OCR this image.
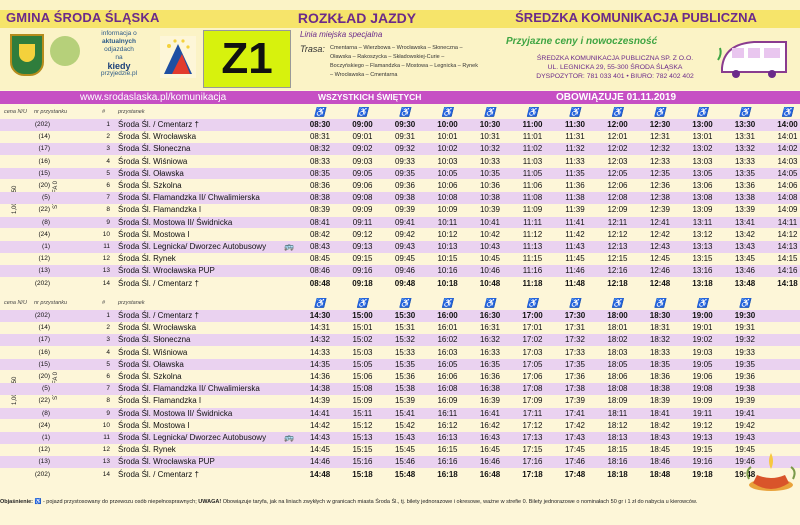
GMINA ŚRODA ŚLĄSKA	ROZKŁAD JAZDY	ŚREDZKA KOMUNIKACJA PUBLICZNA
informacja o
aktualnych
odjazdach
na
kiedy
przyjedzie.pl	Z1	Linia miejska specjalna
Trasa: Cmentarna – Wierzbowa – Wrocławska – Słoneczna – Oławska – Rakoszycka – Składowskiej-Curie – Boczyńskiego – Flamandzka – Mostowa – Legnicka – Rynek – Wrocławska – Cmentarna
Przyjazne ceny i nowoczesność
ŚREDZKA KOMUNIKACJA PUBLICZNA SP. Z O.O.
UL. LEGNICKA 29, 55-300 ŚRODA ŚLĄSKA
DYSPOZYTOR: 781 033 401 • BIURO: 782 402 402
www.srodaslaska.pl/komunikacja	WSZYSTKICH ŚWIĘTYCH	OBOWIĄZUJE 01.11.2019
cena N/U nr przystanku	# przystanek	♿	♿	♿	♿	♿	♿	♿	♿	♿	♿	♿	♿
(202)	1 Środa Śl. / Cmentarz †	08:30	09:00	09:30	10:00	10:30	11:00	11:30	12:00	12:30	13:00	13:30	14:00
(14)	2 Środa Śl. Wrocławska	08:31	09:01	09:31	10:01	10:31	11:01	11:31	12:01	12:31	13:01	13:31	14:01
(17)	3 Środa Śl. Słoneczna	08:32	09:02	09:32	10:02	10:32	11:02	11:32	12:02	12:32	13:02	13:32	14:02
(16)	4 Środa Śl. Wiśniowa	08:33	09:03	09:33	10:03	10:33	11:03	11:33	12:03	12:33	13:03	13:33	14:03
(15)	5 Środa Śl. Oławska	08:35	09:05	09:35	10:05	10:35	11:05	11:35	12:05	12:35	13:05	13:35	14:05
(20)	6 Środa Śl. Szkolna	08:36	09:06	09:36	10:06	10:36	11:06	11:36	12:06	12:36	13:06	13:36	14:06
(5)	7 Środa Śl. Flamandzka II/ Chwalimierska	08:38	09:08	09:38	10:08	10:38	11:08	11:38	12:08	12:38	13:08	13:38	14:08
(22)	8 Środa Śl. Flamandzka I	08:39	09:09	09:39	10:09	10:39	11:09	11:39	12:09	12:39	13:09	13:39	14:09
(8)	9 Środa Śl. Mostowa II/ Świdnicka	08:41	09:11	09:41	10:11	10:41	11:11	11:41	12:11	12:41	13:11	13:41	14:11
(24)	10 Środa Śl. Mostowa I	08:42	09:12	09:42	10:12	10:42	11:12	11:42	12:12	12:42	13:12	13:42	14:12
(1)	11 Środa Śl. Legnicka/ Dworzec Autobusowy	🚌	08:43	09:13	09:43	10:13	10:43	11:13	11:43	12:13	12:43	13:13	13:43	14:13
(12)	12 Środa Śl. Rynek	08:45	09:15	09:45	10:15	10:45	11:15	11:45	12:15	12:45	13:15	13:45	14:15
(13)	13 Środa Śl. Wrocławska PUP	08:46	09:16	09:46	10:16	10:46	11:16	11:46	12:16	12:46	13:16	13:46	14:16
(202)	14 Środa Śl. / Cmentarz †	08:48	09:18	09:48	10:18	10:48	11:18	11:48	12:18	12:48	13:18	13:48	14:18
cena N/U nr przystanku	# przystanek	♿	♿	♿	♿	♿	♿	♿	♿	♿	♿	♿
(202)	1 Środa Śl. / Cmentarz †	14:30	15:00	15:30	16:00	16:30	17:00	17:30	18:00	18:30	19:00	19:30
(14)	2 Środa Śl. Wrocławska	14:31	15:01	15:31	16:01	16:31	17:01	17:31	18:01	18:31	19:01	19:31
(17)	3 Środa Śl. Słoneczna	14:32	15:02	15:32	16:02	16:32	17:02	17:32	18:02	18:32	19:02	19:32
(16)	4 Środa Śl. Wiśniowa	14:33	15:03	15:33	16:03	16:33	17:03	17:33	18:03	18:33	19:03	19:33
(15)	5 Środa Śl. Oławska	14:35	15:05	15:35	16:05	16:35	17:05	17:35	18:05	18:35	19:05	19:35
(20)	6 Środa Śl. Szkolna	14:36	15:06	15:36	16:06	16:36	17:06	17:36	18:06	18:36	19:06	19:36
(5)	7 Środa Śl. Flamandzka II/ Chwalimierska	14:38	15:08	15:38	16:08	16:38	17:08	17:38	18:08	18:38	19:08	19:38
(22)	8 Środa Śl. Flamandzka I	14:39	15:09	15:39	16:09	16:39	17:09	17:39	18:09	18:39	19:09	19:39
(8)	9 Środa Śl. Mostowa II/ Świdnicka	14:41	15:11	15:41	16:11	16:41	17:11	17:41	18:11	18:41	19:11	19:41
(24)	10 Środa Śl. Mostowa I	14:42	15:12	15:42	16:12	16:42	17:12	17:42	18:12	18:42	19:12	19:42
(1)	11 Środa Śl. Legnicka/ Dworzec Autobusowy	🚌	14:43	15:13	15:43	16:13	16:43	17:13	17:43	18:13	18:43	19:13	19:43
(12)	12 Środa Śl. Rynek	14:45	15:15	15:45	16:15	16:45	17:15	17:45	18:15	18:45	19:15	19:45
(13)	13 Środa Śl. Wrocławska PUP	14:46	15:16	15:46	16:16	16:46	17:16	17:46	18:16	18:46	19:16	19:46
(202)	14 Środa Śl. / Cmentarz †	14:48	15:18	15:48	16:18	16:48	17:18	17:48	18:18	18:48	19:18	19:48
Objaśnienie: ♿ - pojazd przystosowany do przewozu osób niepełnosprawnych; UWAGA! Obowiązuje taryfa, jak na liniach zwykłych w granicach miasta Środa Śl., tj. bilety jednorazowe i okresowe, ważne w strefie 0. Bilety jednorazowe o nominałach 50 gr i 1 zł do nabycia u kierowców.
